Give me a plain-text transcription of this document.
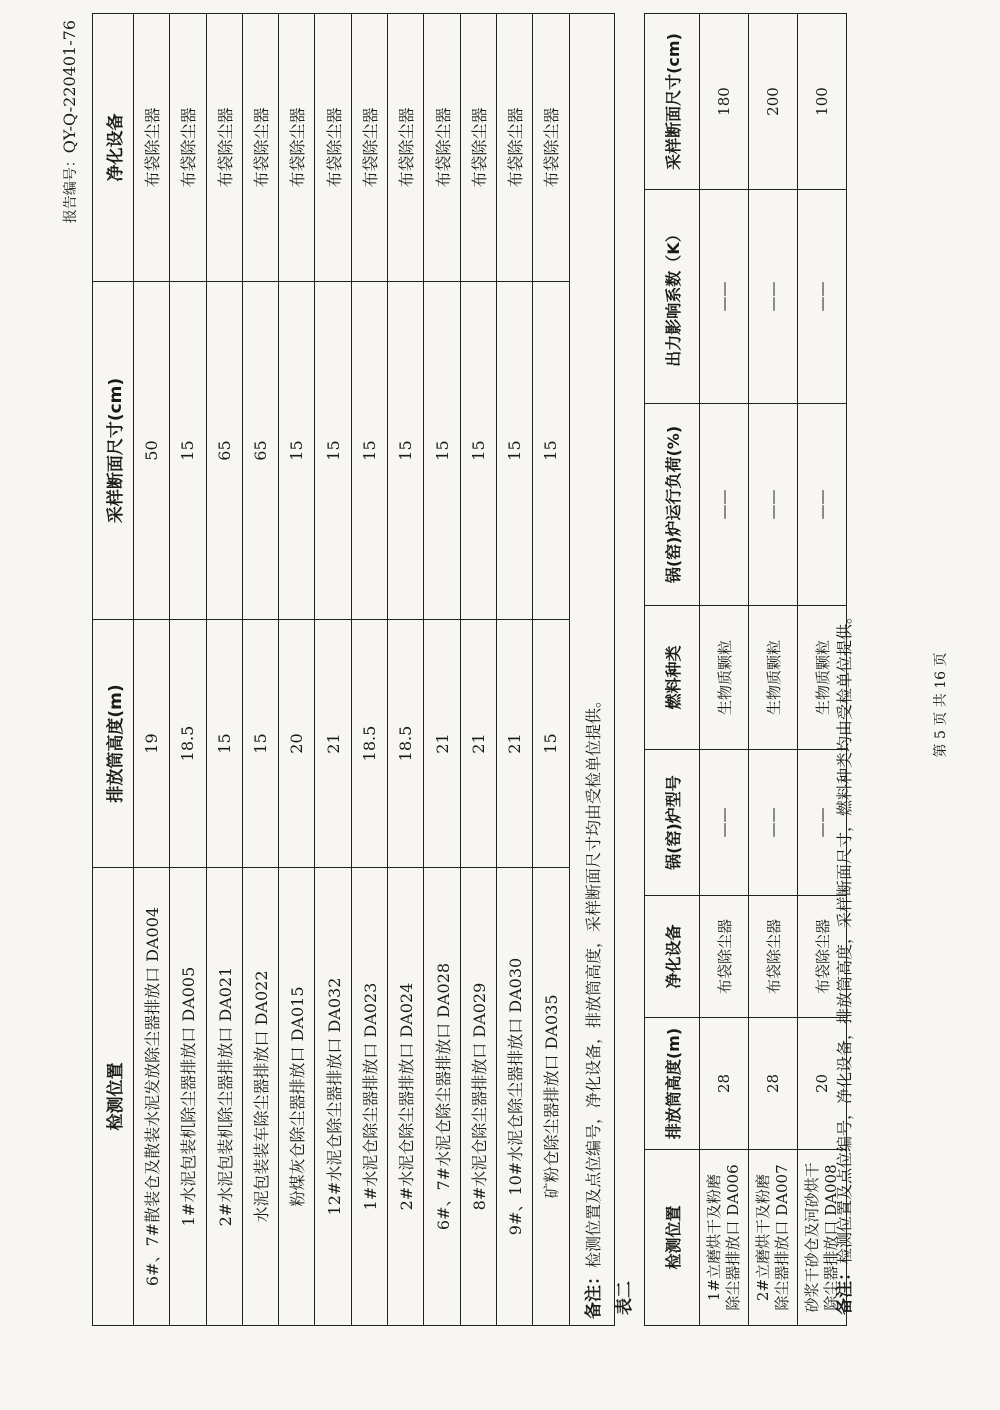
报告编号：QY-Q-220401-76
检测位置	排放筒高度(m)	采样断面尺寸(cm)	净化设备
6#、7#散装仓及散装水泥发放除尘器排放口 DA004	19	50	布袋除尘器
1#水泥包装机除尘器排放口 DA005	18.5	15	布袋除尘器
2#水泥包装机除尘器排放口 DA021	15	65	布袋除尘器
水泥包装装车除尘器排放口 DA022	15	65	布袋除尘器
粉煤灰仓除尘器排放口 DA015	20	15	布袋除尘器
12#水泥仓除尘器排放口 DA032	21	15	布袋除尘器
1#水泥仓除尘器排放口 DA023	18.5	15	布袋除尘器
2#水泥仓除尘器排放口 DA024	18.5	15	布袋除尘器
6#、7#水泥仓除尘器排放口 DA028	21	15	布袋除尘器
8#水泥仓除尘器排放口 DA029	21	15	布袋除尘器
9#、10#水泥仓除尘器排放口 DA030	21	15	布袋除尘器
矿粉仓除尘器排放口 DA035	15	15	布袋除尘器
备注：检测位置及点位编号，净化设备，排放筒高度，采样断面尺寸均由受检单位提供。			
表二
检测位置	排放筒高度(m)	净化设备	锅(窑)炉型号	燃料种类	锅(窑)炉运行负荷(%)	出力影响系数（K）	采样断面尺寸(cm)

1#立磨烘干及粉磨 除尘器排放口 DA006	28	布袋除尘器	——	生物质颗粒	——	——	180

2#立磨烘干及粉磨 除尘器排放口 DA007	28	布袋除尘器	——	生物质颗粒	——	——	200

砂浆干砂仓及河砂烘干 除尘器排放口 DA008	20	布袋除尘器	——	生物质颗粒	——	——	100
备注：检测位置及点位编号，净化设备，排放筒高度，采样断面尺寸，燃料种类均由受检单位提供。	第 5 页 共 16 页
